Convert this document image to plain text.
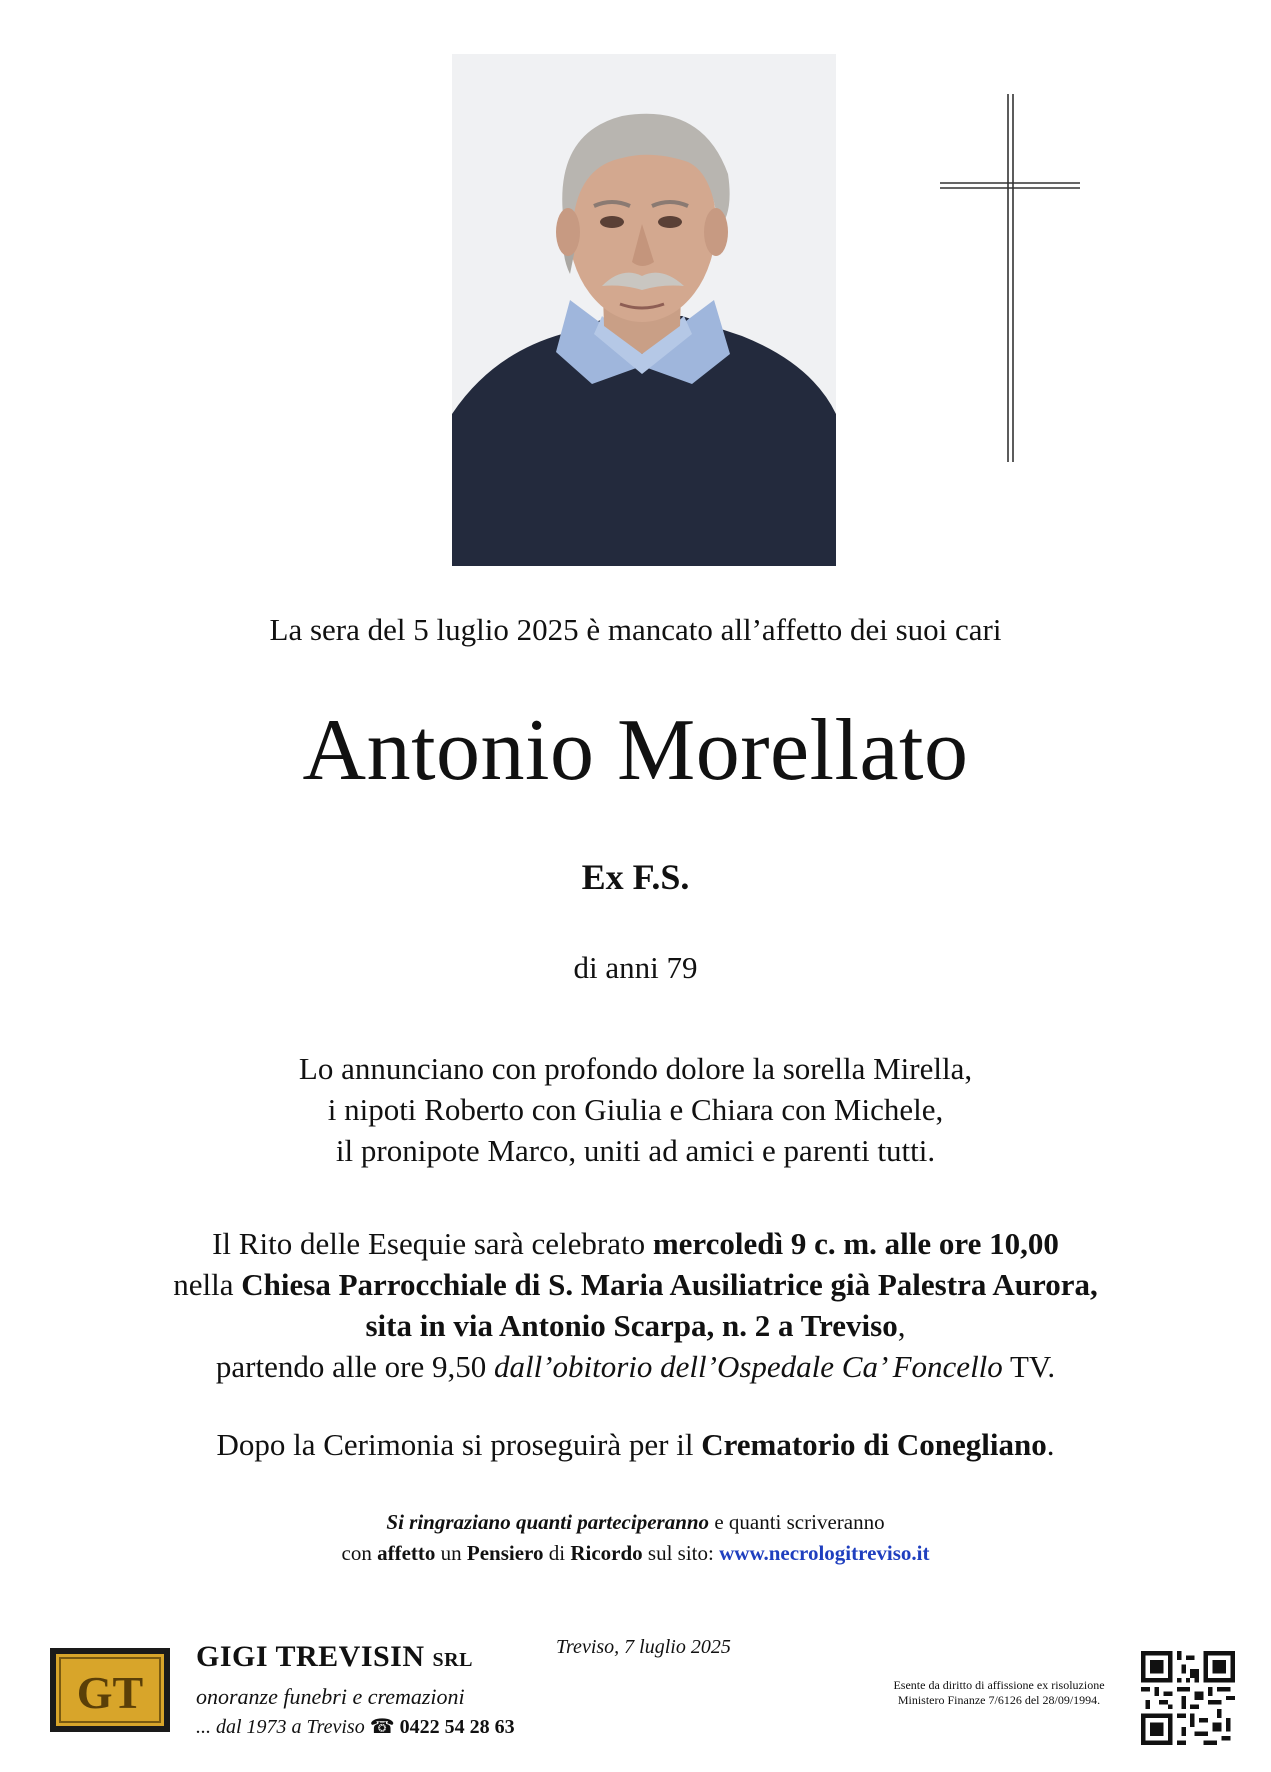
La sera del 5 luglio 2025 è mancato all’affetto dei suoi cari
Antonio Morellato
Ex F.S.
di anni 79
Lo annunciano con profondo dolore la sorella Mirella,
i nipoti Roberto con Giulia e Chiara con Michele,
il pronipote Marco, uniti ad amici e parenti tutti.
Il Rito delle Esequie sarà celebrato mercoledì 9 c. m. alle ore 10,00
nella Chiesa Parrocchiale di S. Maria Ausiliatrice già Palestra Aurora,
sita in via Antonio Scarpa, n. 2 a Treviso,
partendo alle ore 9,50 dall’obitorio dell’Ospedale Ca’ Foncello TV.
Dopo la Cerimonia si proseguirà per il Crematorio di Conegliano.
Si ringraziano quanti parteciperanno e quanti scriveranno
con affetto un Pensiero di Ricordo sul sito: www.necrologitreviso.it
GT
GIGI TREVISIN SRL
onoranze funebri e cremazioni
... dal 1973 a Treviso ☎ 0422 54 28 63
Treviso, 7 luglio 2025
Esente da diritto di affissione ex risoluzione
Ministero Finanze 7/6126 del 28/09/1994.
